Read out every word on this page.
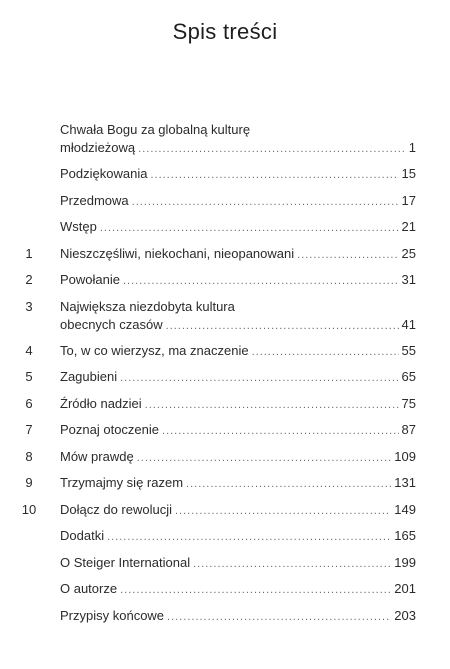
Spis treści
Chwała Bogu za globalną kulturę
młodzieżową .....	1
Podziękowania .....	15
Przedmowa .....	17
Wstęp .....	21
1	Nieszczęśliwi, niekochani, nieopanowani .....	25
2	Powołanie .....	31
3	Największa niezdobyta kultura
obecnych czasów .....	41
4	To, w co wierzysz, ma znaczenie .....	55
5	Zagubieni .....	65
6	Źródło nadziei .....	75
7	Poznaj otoczenie .....	87
8	Mów prawdę .....	109
9	Trzymajmy się razem .....	131
10	Dołącz do rewolucji .....	149
Dodatki .....	165
O Steiger International .....	199
O autorze .....	201
Przypisy końcowe .....	203
